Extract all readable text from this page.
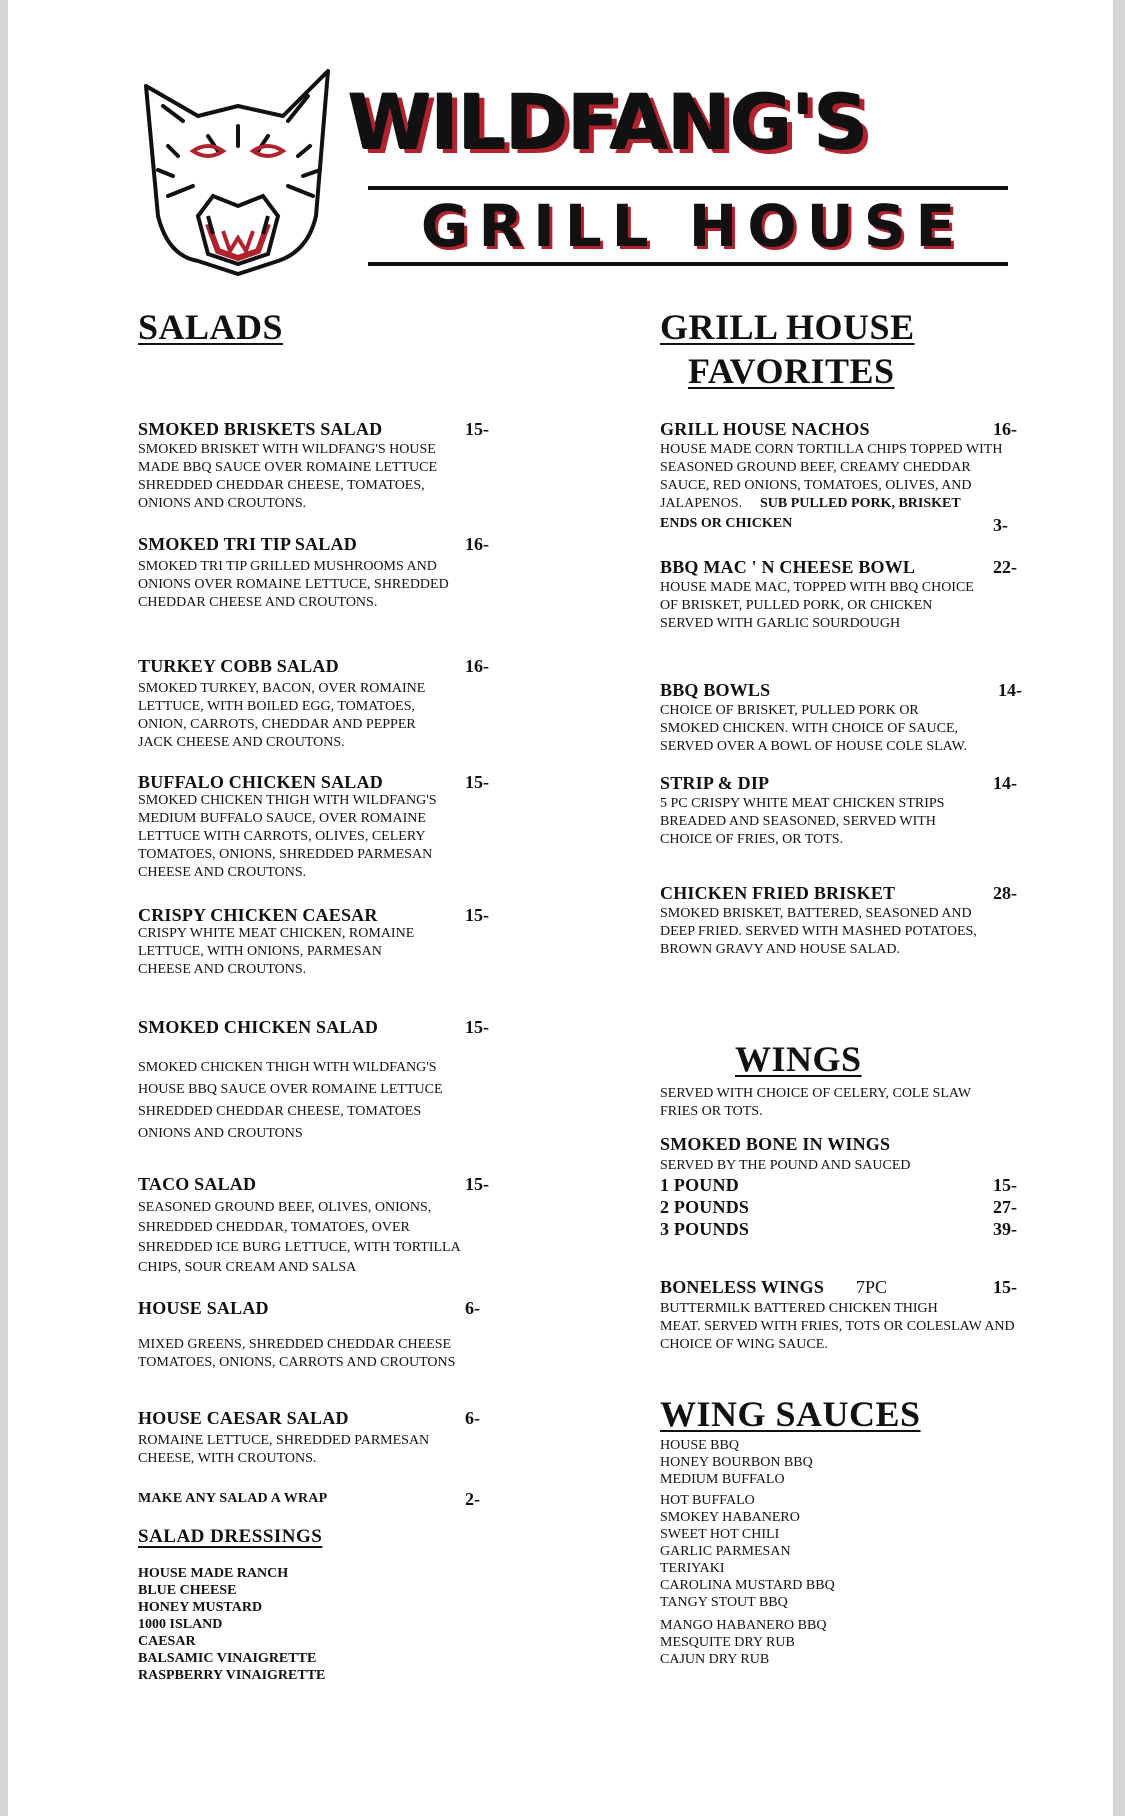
WILDFANG'S
GRILL HOUSE
SALADS
SMOKED BRISKETS SALAD	15-
SMOKED BRISKET WITH WILDFANG'S HOUSE
MADE BBQ SAUCE OVER ROMAINE LETTUCE
SHREDDED CHEDDAR CHEESE, TOMATOES,
ONIONS AND CROUTONS.
SMOKED TRI TIP SALAD	16-
SMOKED TRI TIP GRILLED MUSHROOMS AND
ONIONS OVER ROMAINE LETTUCE, SHREDDED
CHEDDAR CHEESE AND CROUTONS.
TURKEY COBB SALAD	16-
SMOKED TURKEY, BACON, OVER ROMAINE
LETTUCE, WITH BOILED EGG, TOMATOES,
ONION, CARROTS, CHEDDAR AND PEPPER
JACK CHEESE AND CROUTONS.
BUFFALO CHICKEN SALAD	15-
SMOKED CHICKEN THIGH WITH WILDFANG'S
MEDIUM BUFFALO SAUCE, OVER ROMAINE
LETTUCE WITH CARROTS, OLIVES, CELERY
TOMATOES, ONIONS, SHREDDED PARMESAN
CHEESE AND CROUTONS.
CRISPY CHICKEN CAESAR	15-
CRISPY WHITE MEAT CHICKEN, ROMAINE
LETTUCE, WITH ONIONS, PARMESAN
CHEESE AND CROUTONS.
SMOKED CHICKEN SALAD	15-
SMOKED CHICKEN THIGH WITH WILDFANG'S
HOUSE BBQ SAUCE OVER ROMAINE LETTUCE
SHREDDED CHEDDAR CHEESE, TOMATOES
ONIONS AND CROUTONS
TACO SALAD	15-
SEASONED GROUND BEEF, OLIVES, ONIONS,
SHREDDED CHEDDAR, TOMATOES, OVER
SHREDDED ICE BURG LETTUCE, WITH TORTILLA
CHIPS, SOUR CREAM AND SALSA
HOUSE SALAD	6-
MIXED GREENS, SHREDDED CHEDDAR CHEESE
TOMATOES, ONIONS, CARROTS AND CROUTONS
HOUSE CAESAR SALAD	6-
ROMAINE LETTUCE, SHREDDED PARMESAN
CHEESE, WITH CROUTONS.
MAKE ANY SALAD A WRAP	2-
SALAD DRESSINGS
HOUSE MADE RANCH
BLUE CHEESE
HONEY MUSTARD
1000 ISLAND
CAESAR
BALSAMIC VINAIGRETTE
RASPBERRY VINAIGRETTE
GRILL HOUSE
FAVORITES
GRILL HOUSE NACHOS	16-
HOUSE MADE CORN TORTILLA CHIPS TOPPED WITH
SEASONED GROUND BEEF, CREAMY CHEDDAR
SAUCE, RED ONIONS, TOMATOES, OLIVES, AND
JALAPENOS.	SUB PULLED PORK, BRISKET
ENDS OR CHICKEN	3-
BBQ MAC ' N CHEESE BOWL	22-
HOUSE MADE MAC, TOPPED WITH BBQ CHOICE
OF BRISKET, PULLED PORK, OR CHICKEN
SERVED WITH GARLIC SOURDOUGH
BBQ BOWLS	14-
CHOICE OF BRISKET, PULLED PORK OR
SMOKED CHICKEN. WITH CHOICE OF SAUCE,
SERVED OVER A BOWL OF HOUSE COLE SLAW.
STRIP & DIP	14-
5 PC CRISPY WHITE MEAT CHICKEN STRIPS
BREADED AND SEASONED, SERVED WITH
CHOICE OF FRIES, OR TOTS.
CHICKEN FRIED BRISKET	28-
SMOKED BRISKET, BATTERED, SEASONED AND
DEEP FRIED. SERVED WITH MASHED POTATOES,
BROWN GRAVY AND HOUSE SALAD.
WINGS
SERVED WITH CHOICE OF CELERY, COLE SLAW
FRIES OR TOTS.
SMOKED BONE IN WINGS
SERVED BY THE POUND AND SAUCED
1 POUND	15-
2 POUNDS	27-
3 POUNDS	39-
BONELESS WINGS 7PC	15-
BUTTERMILK BATTERED CHICKEN THIGH
MEAT. SERVED WITH FRIES, TOTS OR COLESLAW AND
CHOICE OF WING SAUCE.
WING SAUCES
HOUSE BBQ
HONEY BOURBON BBQ
MEDIUM BUFFALO
HOT BUFFALO
SMOKEY HABANERO
SWEET HOT CHILI
GARLIC PARMESAN
TERIYAKI
CAROLINA MUSTARD BBQ
TANGY STOUT BBQ
MANGO HABANERO BBQ
MESQUITE DRY RUB
CAJUN DRY RUB
